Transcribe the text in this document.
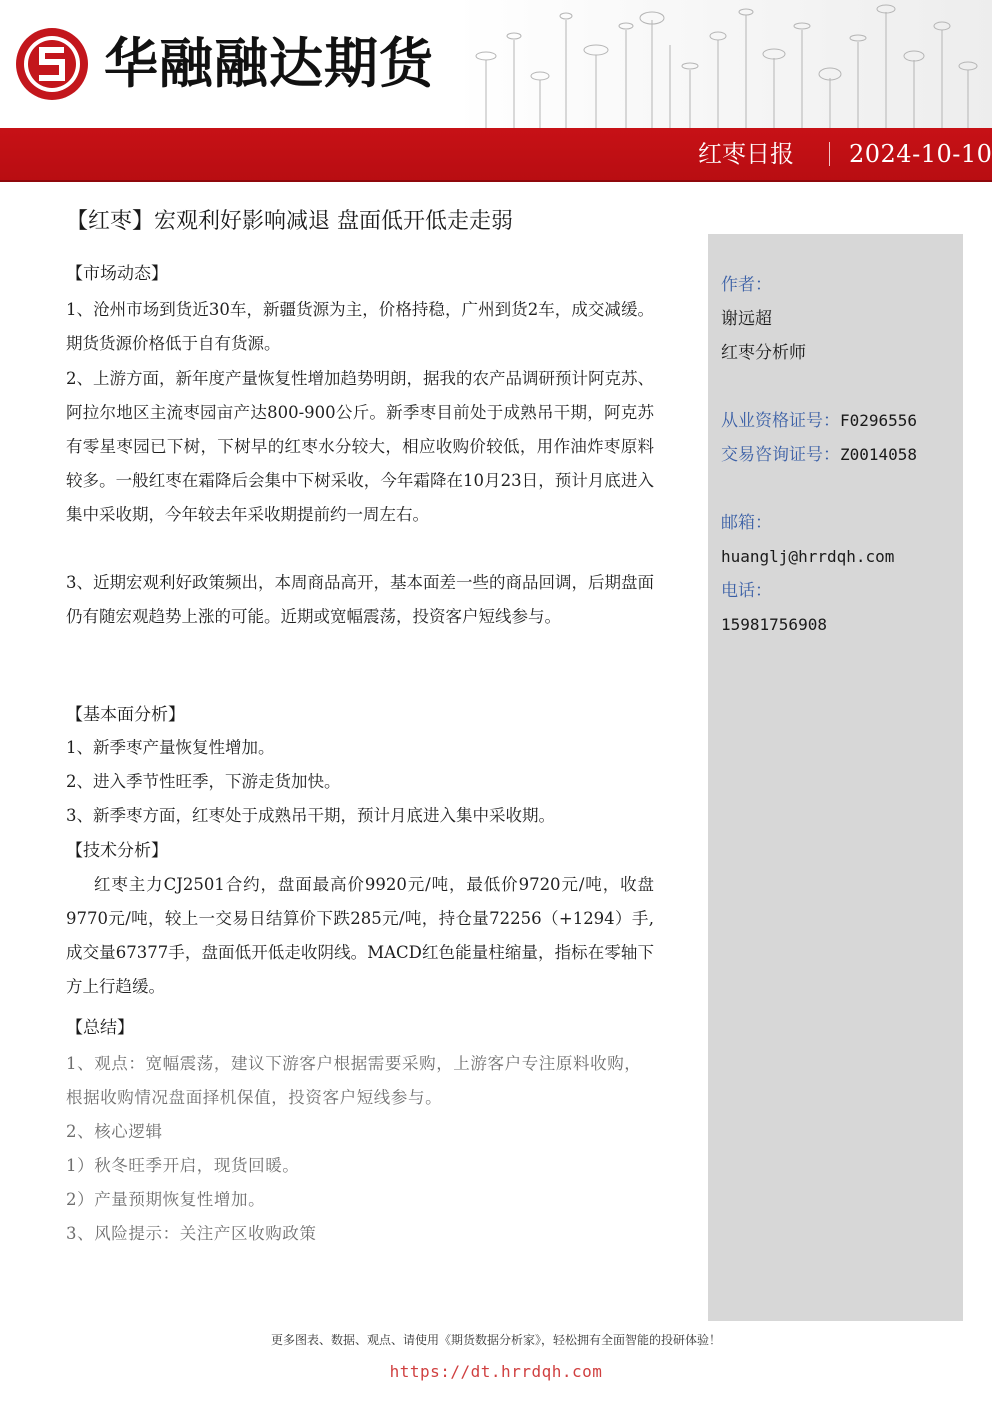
华融融达期货
红枣日报 2024-10-10
【红枣】宏观利好影响减退 盘面低开低走走弱
【市场动态】
1、沧州市场到货近30车，新疆货源为主，价格持稳，广州到货2车，成交减缓。期货货源价格低于自有货源。
2、上游方面，新年度产量恢复性增加趋势明朗，据我的农产品调研预计阿克苏、阿拉尔地区主流枣园亩产达800-900公斤。新季枣目前处于成熟吊干期，阿克苏有零星枣园已下树，下树早的红枣水分较大，相应收购价较低，用作油炸枣原料较多。一般红枣在霜降后会集中下树采收，今年霜降在10月23日，预计月底进入集中采收期，今年较去年采收期提前约一周左右。
3、近期宏观利好政策频出，本周商品高开，基本面差一些的商品回调，后期盘面仍有随宏观趋势上涨的可能。近期或宽幅震荡，投资客户短线参与。
【基本面分析】
1、新季枣产量恢复性增加。
2、进入季节性旺季，下游走货加快。
3、新季枣方面，红枣处于成熟吊干期，预计月底进入集中采收期。
【技术分析】
红枣主力CJ2501合约，盘面最高价9920元/吨，最低价9720元/吨，收盘9770元/吨，较上一交易日结算价下跌285元/吨，持仓量72256（+1294）手,成交量67377手，盘面低开低走收阴线。MACD红色能量柱缩量，指标在零轴下方上行趋缓。
【总结】
1、观点：宽幅震荡，建议下游客户根据需要采购，上游客户专注原料收购，根据收购情况盘面择机保值，投资客户短线参与。
2、核心逻辑
1）秋冬旺季开启，现货回暖。
2）产量预期恢复性增加。
3、风险提示：关注产区收购政策
作者：
谢远超
红枣分析师
从业资格证号：F0296556
交易咨询证号：Z0014058
邮箱：
huanglj@hrrdqh.com
电话：
15981756908
更多图表、数据、观点、请使用《期货数据分析家》，轻松拥有全面智能的投研体验！
https://dt.hrrdqh.com
